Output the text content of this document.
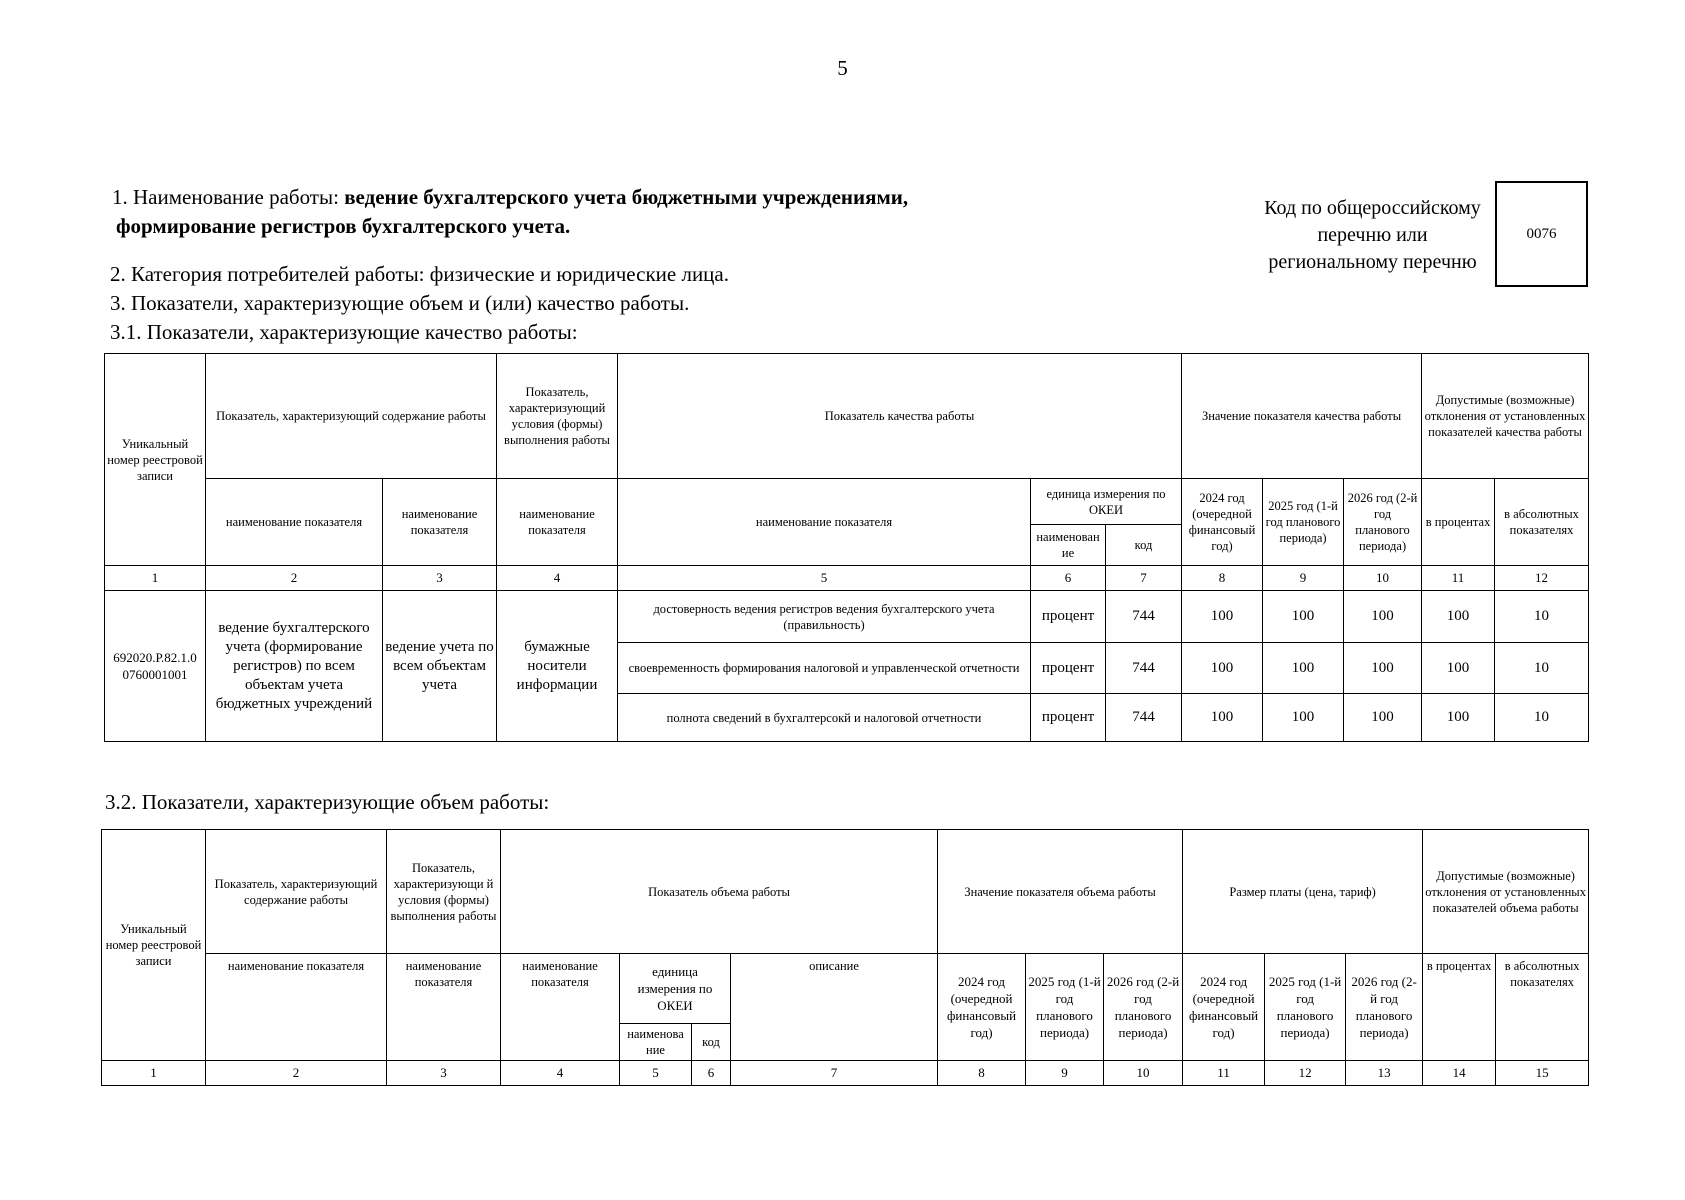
5
1. Наименование работы: ведение бухгалтерского учета бюджетными учреждениями,
формирование регистров бухгалтерского учета.
Код по общероссийскому
перечню или
региональному перечню
0076
2. Категория потребителей работы: физические и юридические лица.
3. Показатели, характеризующие объем и (или) качество работы.
3.1. Показатели, характеризующие качество работы:
Уникальный номер реестровой записи	Показатель, характеризующий содержание работы		Показатель, характеризующий условия (формы) выполнения работы	Показатель качества работы			Значение показателя качества работы			Допустимые (возможные) отклонения от установленных показателей качества работы	
	наименование показателя	наименование показателя	наименование показателя	наименование показателя	единица измерения по ОКЕИ		2024 год (очередной финансовый год)	2025 год (1-й год планового периода)	2026 год (2-й год планового периода)	в процентах	в абсолютных показателях
					наименован ие	код					
1	2	3	4	5	6	7	8	9	10	11	12
692020.Р.82.1.0 0760001001	ведение бухгалтерского учета (формирование регистров) по всем объектам учета бюджетных учреждений	ведение учета по всем объектам учета	бумажные носители информации	достоверность ведения регистров ведения бухгалтерского учета (правильность)	процент	744	100	100	100	100	10
				своевременность формирования налоговой и управленческой отчетности	процент	744	100	100	100	100	10
				полнота сведений в бухгалтерсокй и налоговой отчетности	процент	744	100	100	100	100	10
3.2. Показатели, характеризующие объем работы:
Уникальный номер реестровой записи	Показатель, характеризующий содержание работы	Показатель, характеризующи й условия (формы) выполнения работы	Показатель объема работы				Значение показателя объема работы			Размер платы (цена, тариф)			Допустимые (возможные) отклонения от установленных показателей объема работы	
	наименование показателя	наименование показателя	наименование показателя	единица измерения по ОКЕИ		описание	2024 год (очередной финансовый год)	2025 год (1-й год планового периода)	2026 год (2-й год планового периода)	2024 год (очередной финансовый год)	2025 год (1-й год планового периода)	2026 год (2-й год планового периода)	в процентах	в абсолютных показателях
				наименова ние	код									
1	2	3	4	5	6	7	8	9	10	11	12	13	14	15
